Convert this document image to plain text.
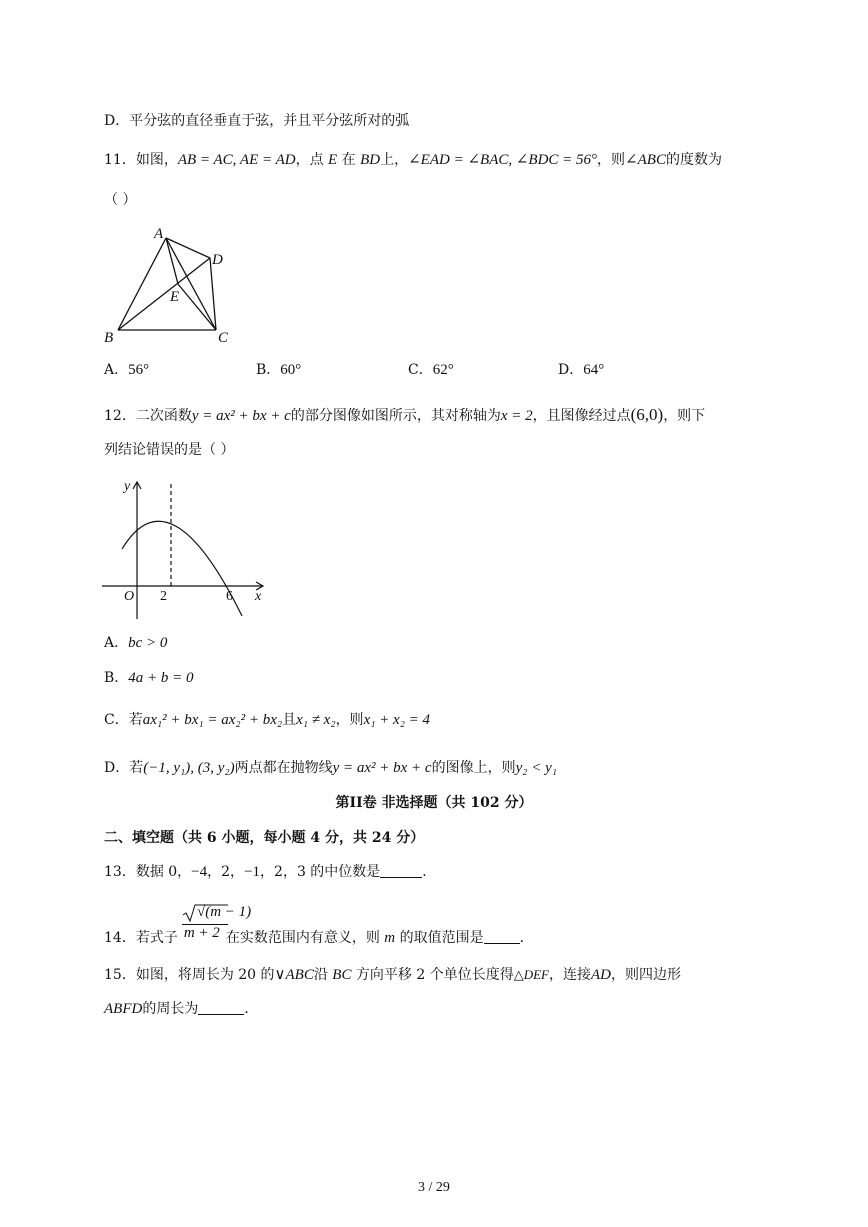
D．平分弦的直径垂直于弦，并且平分弦所对的弧
11．如图，AB = AC, AE = AD，点 E 在 BD上，∠EAD = ∠BAC, ∠BDC = 56°，则∠ABC的度数为
（ ）
A
D
E
B	C
A．56°	B．60°	C．62°	D．64°
12．二次函数y = ax² + bx + c的部分图像如图所示，其对称轴为x = 2，且图像经过点(6,0)，则下
列结论错误的是（ ）
y
x
O 2	6
A．bc > 0
B．4a + b = 0
C．若ax₁² + bx₁ = ax₂² + bx₂且x₁ ≠ x₂，则x₁ + x₂ = 4
D．若(−1, y₁), (3, y₂)两点都在抛物线y = ax² + bx + c的图像上，则y₂ < y₁
第II卷 非选择题（共 102 分）
二、填空题（共 6 小题，每小题 4 分，共 24 分）
13．数据 0，−4，2，−1，2，3 的中位数是	．
√(m − 1)
14．若式子 m + 2 在实数范围内有意义，则 m 的取值范围是	．
15．如图，将周长为 20 的∨ABC沿 BC 方向平移 2 个单位长度得△DEF，连接AD，则四边形
ABFD的周长为	．
3 / 29
